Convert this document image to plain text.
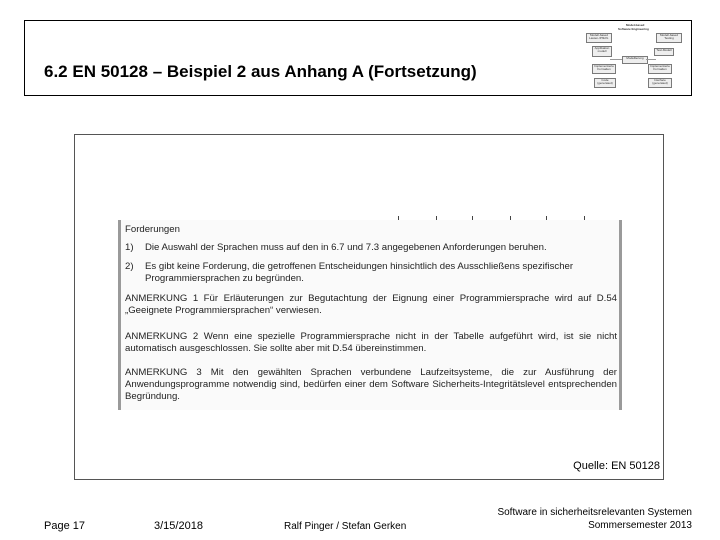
6.2 EN 50128 – Beispiel 2 aus Anhang A (Fortsetzung)
Model-based
Software Engineering
Modell-based Lasten-/Pflicht.
Modell-based Testing
Applikation modell	Test-Modell
Modellierung
Implementierte Formalien
Implementierte Formalien
Code (generated)
Interface (generated)
Forderungen
1) Die Auswahl der Sprachen muss auf den in 6.7 und 7.3 angegebenen Anforderungen beruhen.
2) Es gibt keine Forderung, die getroffenen Entscheidungen hinsichtlich des Ausschließens spezifischer
Programmiersprachen zu begründen.
ANMERKUNG 1 Für Erläuterungen zur Begutachtung der Eignung einer Programmiersprache wird auf D.54
„Geeignete Programmiersprachen“ verwiesen.
ANMERKUNG 2 Wenn eine spezielle Programmiersprache nicht in der Tabelle aufgeführt wird, ist sie nicht
automatisch ausgeschlossen. Sie sollte aber mit D.54 übereinstimmen.
ANMERKUNG 3 Mit den gewählten Sprachen verbundene Laufzeitsysteme, die zur Ausführung der
Anwendungsprogramme notwendig sind, bedürfen einer dem Software Sicherheits-Integritätslevel entsprechenden
Begründung.
Quelle: EN 50128
Page 17	3/15/2018	Ralf Pinger / Stefan Gerken
Software in sicherheitsrelevanten Systemen
Sommersemester 2013
